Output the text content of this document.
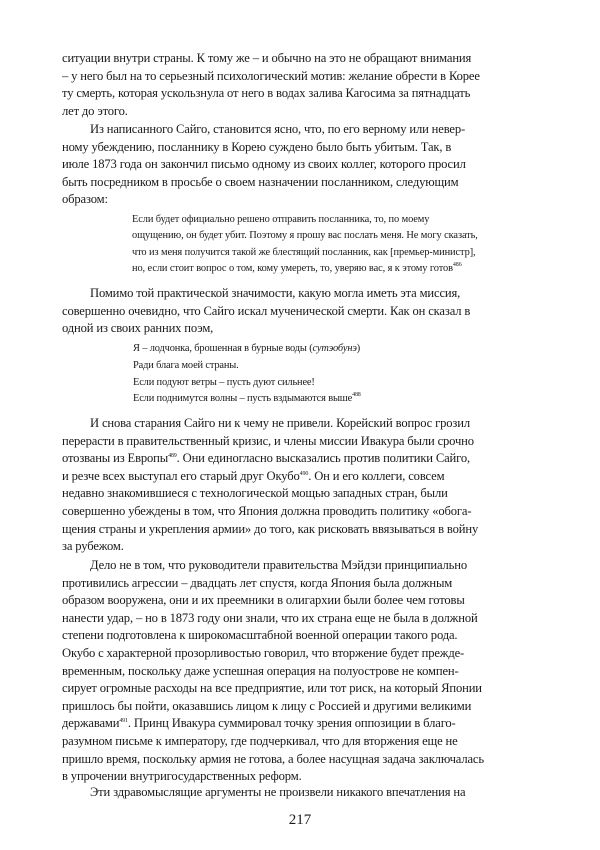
ситуации внутри страны. К тому же – и обычно на это не обращают внимания
– у него был на то серьезный психологический мотив: желание обрести в Корее
ту смерть, которая ускользнула от него в водах залива Кагосима за пятнадцать
лет до этого.
Из написанного Сайго, становится ясно, что, по его верному или невер-
ному убеждению, посланнику в Корею суждено было быть убитым. Так, в
июле 1873 года он закончил письмо одному из своих коллег, которого просил
быть посредником в просьбе о своем назначении посланником, следующим
образом:
Если будет официально решено отправить посланника, то, по моему
ощущению, он будет убит. Поэтому я прошу вас послать меня. Не могу сказать,
что из меня получится такой же блестящий посланник, как [премьер-министр],
но, если стоит вопрос о том, кому умереть, то, уверяю вас, я к этому готов$^{486}$
Помимо той практической значимости, какую могла иметь эта миссия,
совершенно очевидно, что Сайго искал мученической смерти. Как он сказал в
одной из своих ранних поэм,
Я – лодчонка, брошенная в бурные воды (сутэобунэ)
Ради блага моей страны.
Если подуют ветры – пусть дуют сильнее!
Если поднимутся волны – пусть вздымаются выше$^{488}$
И снова старания Сайго ни к чему не привели. Корейский вопрос грозил
перерасти в правительственный кризис, и члены миссии Ивакура были срочно
отозваны из Европы$^{489}$. Они единогласно высказались против политики Сайго,
и резче всех выступал его старый друг Окубо$^{490}$. Он и его коллеги, совсем
недавно знакомившиеся с технологической мощью западных стран, были
совершенно убеждены в том, что Япония должна проводить политику «обога-
щения страны и укрепления армии» до того, как рисковать ввязываться в войну
за рубежом.
Дело не в том, что руководители правительства Мэйдзи принципиально
противились агрессии – двадцать лет спустя, когда Япония была должным
образом вооружена, они и их преемники в олигархии были более чем готовы
нанести удар, – но в 1873 году они знали, что их страна еще не была в должной
степени подготовлена к широкомасштабной военной операции такого рода.
Окубо с характерной прозорливостью говорил, что вторжение будет преждe-
временным, поскольку даже успешная операция на полуострове не компен-
сирует огромные расходы на все предприятие, или тот риск, на который Японии
пришлось бы пойти, оказавшись лицом к лицу с Россией и другими великими
державами$^{491}$. Принц Ивакура суммировал точку зрения оппозиции в благо-
разумном письме к императору, где подчеркивал, что для вторжения еще не
пришло время, поскольку армия не готова, а более насущная задача заключалась
в упрочении внутригосударственных реформ.
Эти здравомыслящие аргументы не произвели никакого впечатления на
217
